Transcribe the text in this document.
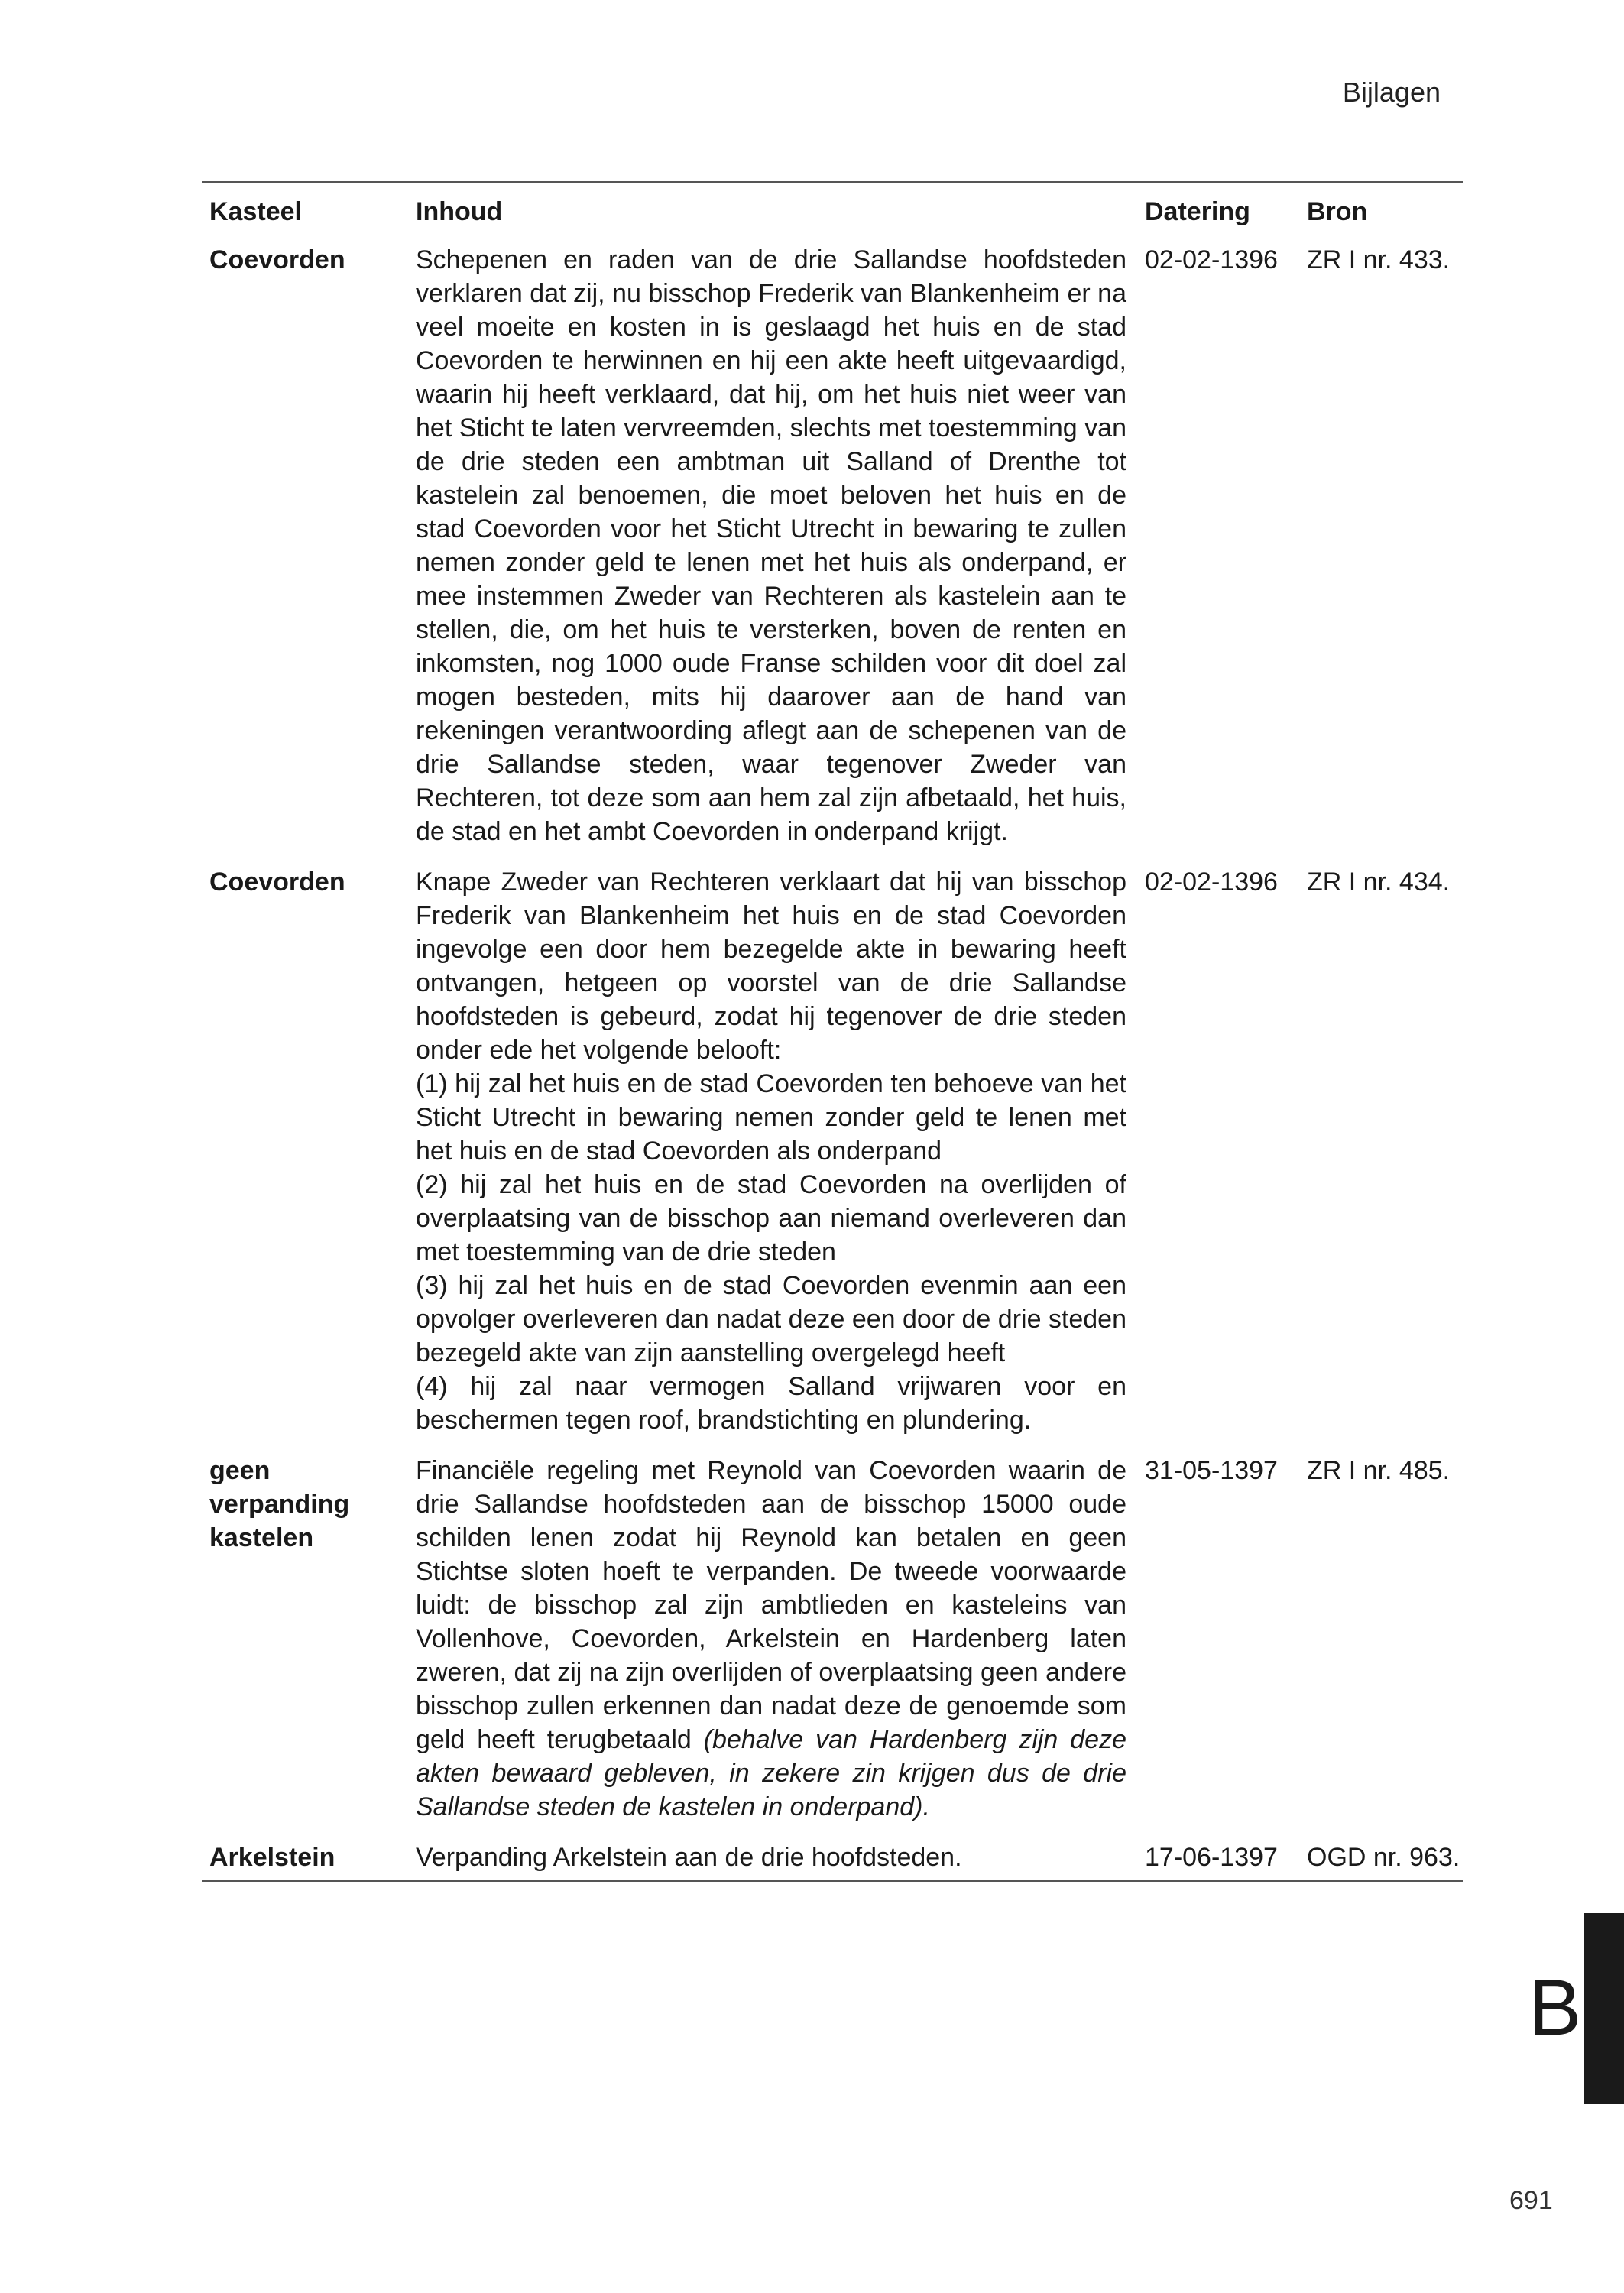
Bijlagen
Kasteel	Inhoud	Datering	Bron
Coevorden	Schepenen en raden van de drie Sallandse hoofdsteden verklaren dat zij, nu bisschop Frederik van Blankenheim er na veel moeite en kosten in is geslaagd het huis en de stad Coevorden te herwinnen en hij een akte heeft uitgevaardigd, waarin hij heeft verklaard, dat hij, om het huis niet weer van het Sticht te laten vervreemden, slechts met toestemming van de drie steden een ambtman uit Salland of Drenthe tot kastelein zal benoemen, die moet beloven het huis en de stad Coevorden voor het Sticht Utrecht in bewaring te zullen nemen zonder geld te lenen met het huis als onderpand, er mee instemmen Zweder van Rechteren als kastelein aan te stellen, die, om het huis te versterken, boven de renten en inkomsten, nog 1000 oude Franse schilden voor dit doel zal mogen besteden, mits hij daarover aan de hand van rekeningen verantwoording aflegt aan de schepenen van de drie Sallandse steden, waar tegenover Zweder van Rechteren, tot deze som aan hem zal zijn afbetaald, het huis, de stad en het ambt Coevorden in onderpand krijgt.	02-02-1396	ZR I nr. 433.
Coevorden	Knape Zweder van Rechteren verklaart dat hij van bisschop Frederik van Blankenheim het huis en de stad Coevorden ingevolge een door hem bezegelde akte in bewaring heeft ontvangen, hetgeen op voorstel van de drie Sallandse hoofdsteden is gebeurd, zodat hij tegenover de drie steden onder ede het volgende belooft:
(1) hij zal het huis en de stad Coevorden ten behoeve van het Sticht Utrecht in bewaring nemen zonder geld te lenen met het huis en de stad Coevorden als onderpand
(2) hij zal het huis en de stad Coevorden na overlijden of overplaatsing van de bisschop aan niemand overleveren dan met toestemming van de drie steden
(3) hij zal het huis en de stad Coevorden evenmin aan een opvolger overleveren dan nadat deze een door de drie steden bezegeld akte van zijn aanstelling overgelegd heeft
(4) hij zal naar vermogen Salland vrijwaren voor en beschermen tegen roof, brandstichting en plundering.	02-02-1396	ZR I nr. 434.
geen verpanding kastelen	Financiële regeling met Reynold van Coevorden waarin de drie Sallandse hoofdsteden aan de bisschop 15000 oude schilden lenen zodat hij Reynold kan betalen en geen Stichtse sloten hoeft te verpanden. De tweede voorwaarde luidt: de bisschop zal zijn ambtlieden en kasteleins van Vollenhove, Coevorden, Arkelstein en Hardenberg laten zweren, dat zij na zijn overlijden of overplaatsing geen andere bisschop zullen erkennen dan nadat deze de genoemde som geld heeft terugbetaald (behalve van Hardenberg zijn deze akten bewaard gebleven, in zekere zin krijgen dus de drie Sallandse steden de kastelen in onderpand).	31-05-1397	ZR I nr. 485.
Arkelstein	Verpanding Arkelstein aan de drie hoofdsteden.	17-06-1397	OGD nr. 963.
B
691
